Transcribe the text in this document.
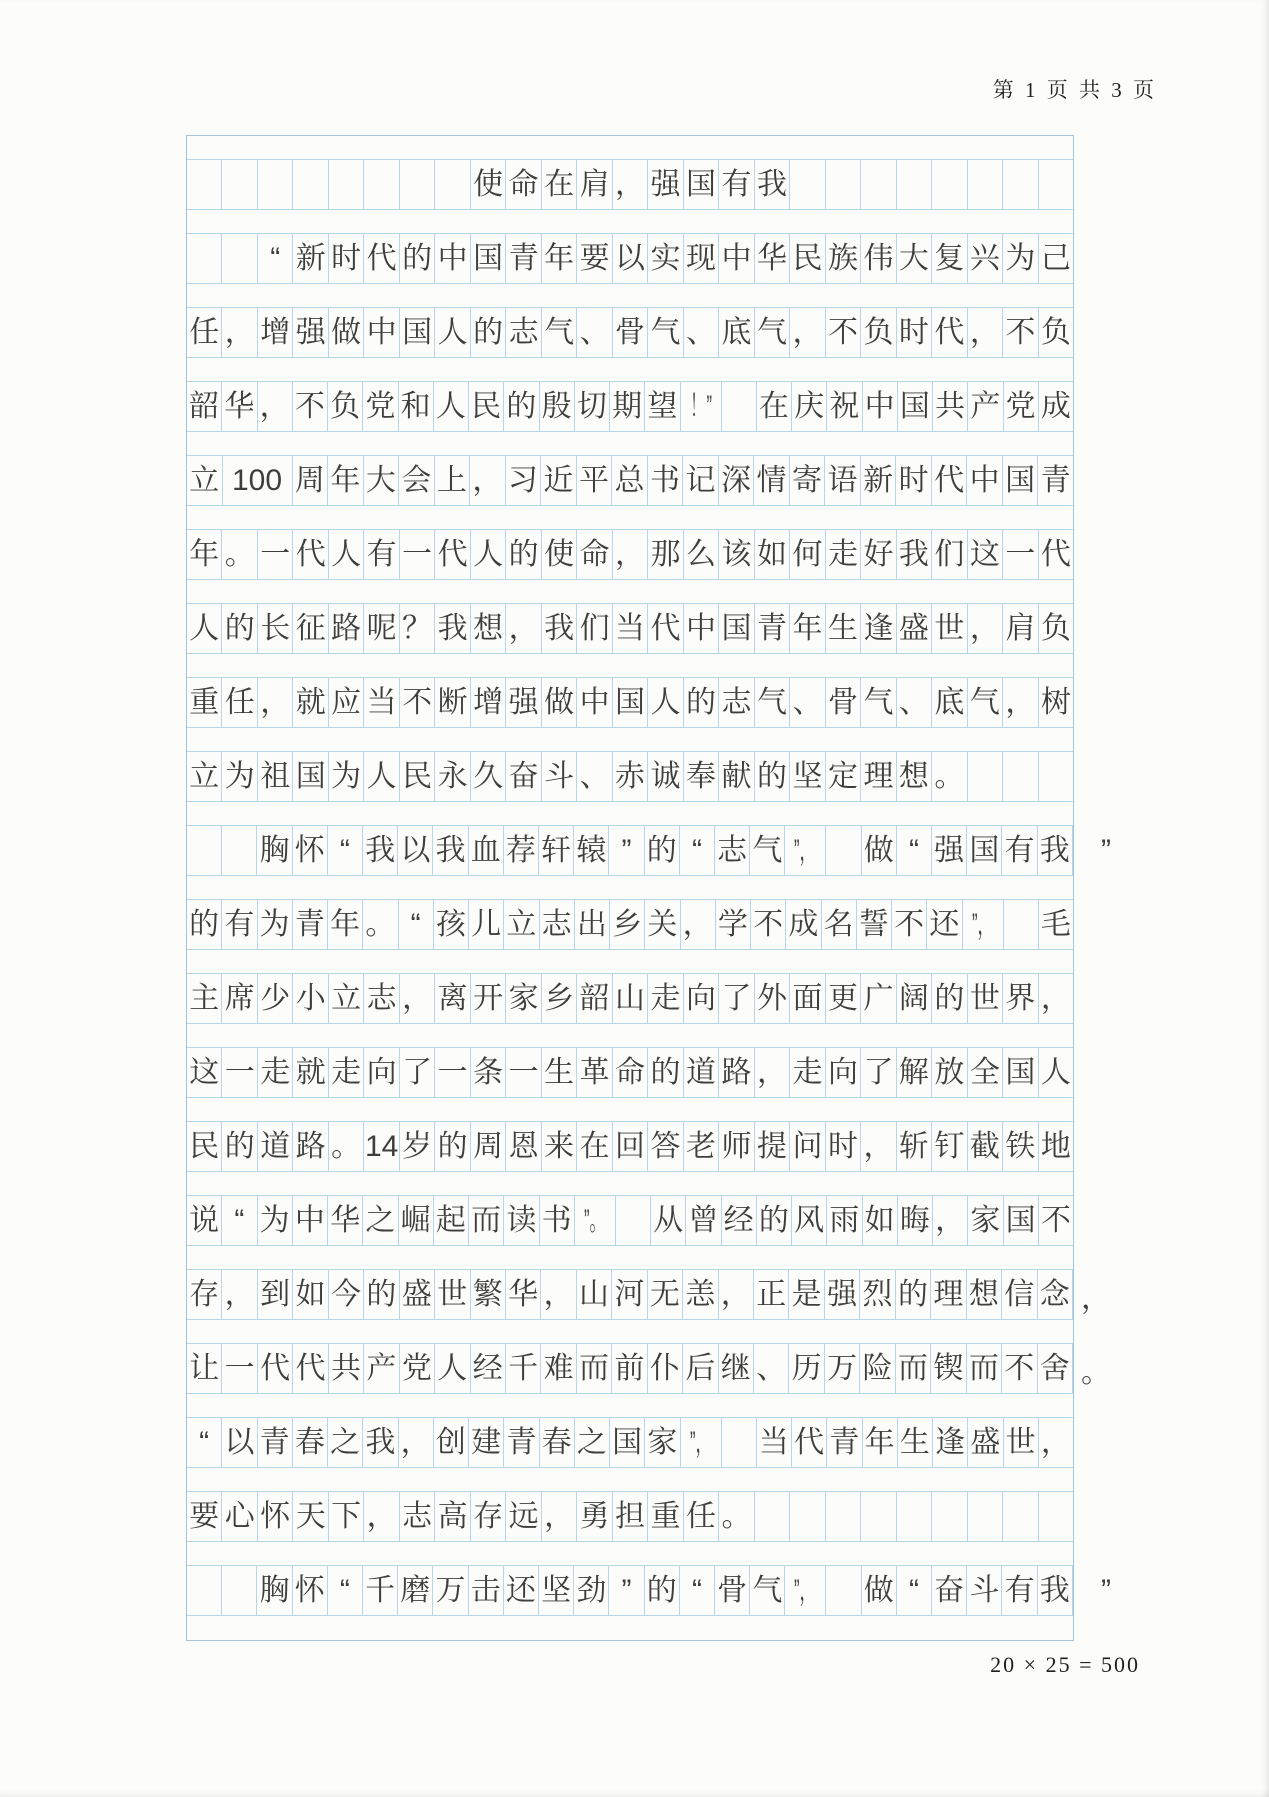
第 1 页 共 3 页
使 命 在 肩 ， 强 国 有 我
“ 新 时 代 的 中 国 青 年 要 以 实 现 中 华 民 族 伟 大 复 兴 为 己
任 ， 增 强 做 中 国 人 的 志 气 、 骨 气 、 底 气 ， 不 负 时 代 ， 不 负
韶 华 ， 不 负 党 和 人 民 的 殷 切 期 望 ！” 在 庆 祝 中 国 共 产 党 成
立 100 周 年 大 会 上 ， 习 近 平 总 书 记 深 情 寄 语 新 时 代 中 国 青
年 。 一 代 人 有 一 代 人 的 使 命 ， 那 么 该 如 何 走 好 我 们 这 一 代
人 的 长 征 路 呢 ？ 我 想 ， 我 们 当 代 中 国 青 年 生 逢 盛 世 ， 肩 负
重 任 ， 就 应 当 不 断 增 强 做 中 国 人 的 志 气 、 骨 气 、 底 气 ， 树
立 为 祖 国 为 人 民 永 久 奋 斗 、 赤 诚 奉 献 的 坚 定 理 想 。
胸 怀 “ 我 以 我 血 荐 轩 辕 ” 的 “ 志 气 ”， 做 “ 强 国 有 我 ”
的 有 为 青 年 。 “ 孩 儿 立 志 出 乡 关 ， 学 不 成 名 誓 不 还 ”， 毛
主 席 少 小 立 志 ， 离 开 家 乡 韶 山 走 向 了 外 面 更 广 阔 的 世 界 ，
这 一 走 就 走 向 了 一 条 一 生 革 命 的 道 路 ， 走 向 了 解 放 全 国 人
民 的 道 路 。 14 岁 的 周 恩 来 在 回 答 老 师 提 问 时 ， 斩 钉 截 铁 地
说 “ 为 中 华 之 崛 起 而 读 书 ”。 从 曾 经 的 风 雨 如 晦 ， 家 国 不
存 ， 到 如 今 的 盛 世 繁 华 ， 山 河 无 恙 ， 正 是 强 烈 的 理 想 信 念 ，
让 一 代 代 共 产 党 人 经 千 难 而 前 仆 后 继 、 历 万 险 而 锲 而 不 舍 。
“ 以 青 春 之 我 ， 创 建 青 春 之 国 家 ”， 当 代 青 年 生 逢 盛 世 ，
要 心 怀 天 下 ， 志 高 存 远 ， 勇 担 重 任 。
胸 怀 “ 千 磨 万 击 还 坚 劲 ” 的 “ 骨 气 ”， 做 “ 奋 斗 有 我 ”
20 × 25 = 500
